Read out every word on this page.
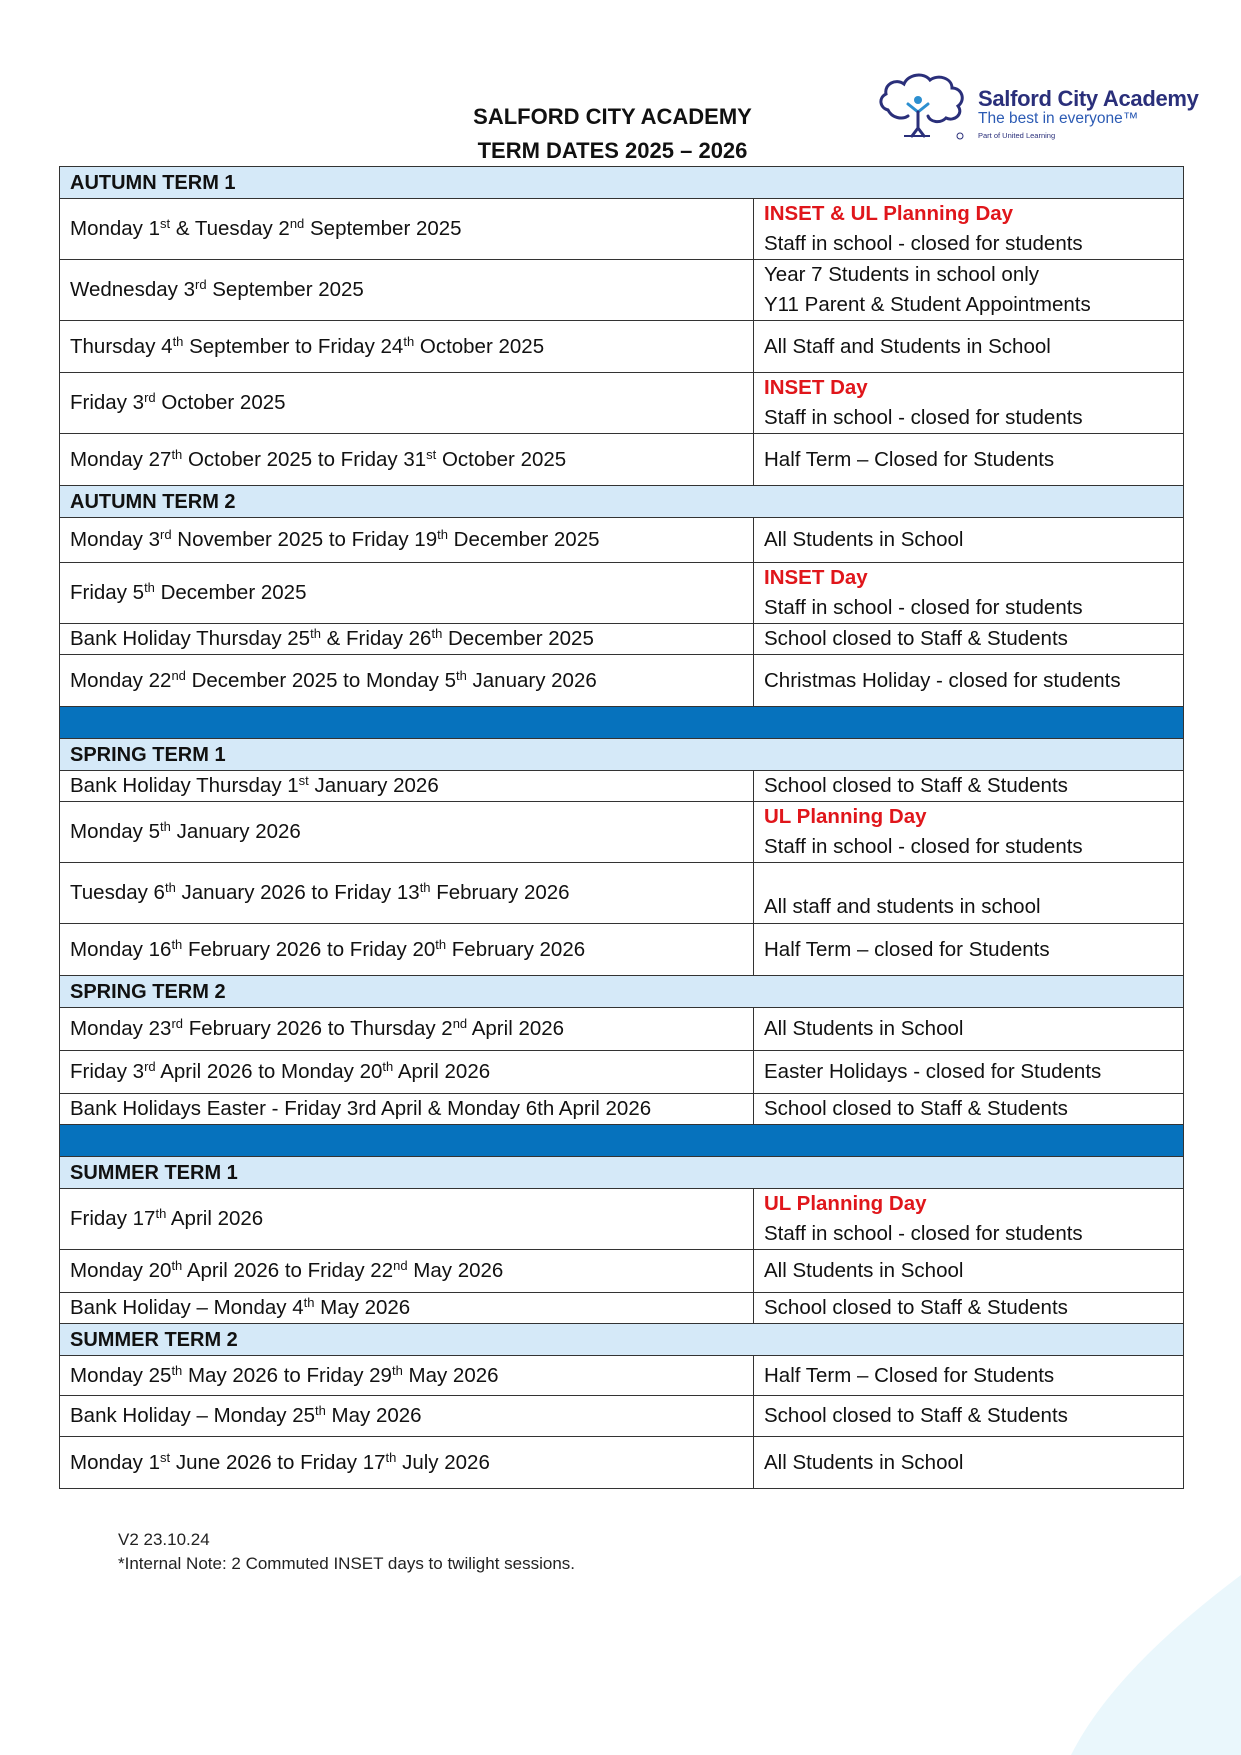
SALFORD CITY ACADEMY
TERM DATES 2025 – 2026
Salford City Academy
The best in everyone™
Part of United Learning
AUTUMN TERM 1	
Monday 1st & Tuesday 2nd September 2025	INSET & UL Planning Day
Staff in school - closed for students

Wednesday 3rd September 2025	Year 7 Students in school only
Y11 Parent & Student Appointments

Thursday 4th September to Friday 24th October 2025	All Staff and Students in School

Friday 3rd October 2025	INSET Day
Staff in school - closed for students

Monday 27th October 2025 to Friday 31st October 2025	Half Term – Closed for Students

AUTUMN TERM 2	
Monday 3rd November 2025 to Friday 19th December 2025	All Students in School

Friday 5th December 2025	INSET Day
Staff in school - closed for students

Bank Holiday Thursday 25th & Friday 26th December 2025	School closed to Staff & Students

Monday 22nd December 2025 to Monday 5th January 2026	Christmas Holiday - closed for students

SPRING TERM 1	
Bank Holiday Thursday 1st January 2026	School closed to Staff & Students

Monday 5th January 2026	UL Planning Day
Staff in school - closed for students

Tuesday 6th January 2026 to Friday 13th February 2026	All staff and students in school

Monday 16th February 2026 to Friday 20th February 2026	Half Term – closed for Students

SPRING TERM 2	
Monday 23rd February 2026 to Thursday 2nd April 2026	All Students in School

Friday 3rd April 2026 to Monday 20th April 2026	Easter Holidays - closed for Students

Bank Holidays Easter - Friday 3rd April & Monday 6th April 2026	School closed to Staff & Students

SUMMER TERM 1	
Friday 17th April 2026	UL Planning Day
Staff in school - closed for students

Monday 20th April 2026 to Friday 22nd May 2026	All Students in School

Bank Holiday – Monday 4th May 2026	School closed to Staff & Students

SUMMER TERM 2	
Monday 25th May 2026 to Friday 29th May 2026	Half Term – Closed for Students

Bank Holiday – Monday 25th May 2026	School closed to Staff & Students

Monday 1st June 2026 to Friday 17th July 2026	All Students in School
V2 23.10.24
*Internal Note: 2 Commuted INSET days to twilight sessions.
